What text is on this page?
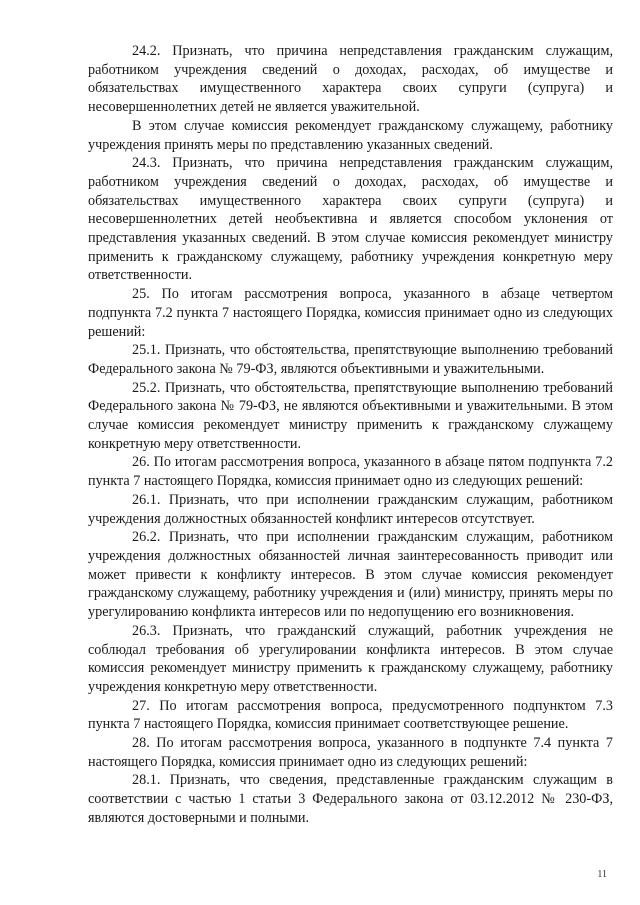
24.2. Признать, что причина непредставления гражданским служащим, работником учреждения сведений о доходах, расходах, об имуществе и обязательствах имущественного характера своих супруги (супруга) и несовершеннолетних детей не является уважительной.

В этом случае комиссия рекомендует гражданскому служащему, работнику учреждения принять меры по представлению указанных сведений.

24.3. Признать, что причина непредставления гражданским служащим, работником учреждения сведений о доходах, расходах, об имуществе и обязательствах имущественного характера своих супруги (супруга) и несовершеннолетних детей необъективна и является способом уклонения от представления указанных сведений. В этом случае комиссия рекомендует министру применить к гражданскому служащему, работнику учреждения конкретную меру ответственности.

25. По итогам рассмотрения вопроса, указанного в абзаце четвертом подпункта 7.2 пункта 7 настоящего Порядка, комиссия принимает одно из следующих решений:

25.1. Признать, что обстоятельства, препятствующие выполнению требований Федерального закона № 79-ФЗ, являются объективными и уважительными.

25.2. Признать, что обстоятельства, препятствующие выполнению требований Федерального закона № 79-ФЗ, не являются объективными и уважительными. В этом случае комиссия рекомендует министру применить к гражданскому служащему конкретную меру ответственности.

26. По итогам рассмотрения вопроса, указанного в абзаце пятом подпункта 7.2 пункта 7 настоящего Порядка, комиссия принимает одно из следующих решений:

26.1. Признать, что при исполнении гражданским служащим, работником учреждения должностных обязанностей конфликт интересов отсутствует.

26.2. Признать, что при исполнении гражданским служащим, работником учреждения должностных обязанностей личная заинтересованность приводит или может привести к конфликту интересов. В этом случае комиссия рекомендует гражданскому служащему, работнику учреждения и (или) министру, принять меры по урегулированию конфликта интересов или по недопущению его возникновения.

26.3. Признать, что гражданский служащий, работник учреждения не соблюдал требования об урегулировании конфликта интересов. В этом случае комиссия рекомендует министру применить к гражданскому служащему, работнику учреждения конкретную меру ответственности.

27. По итогам рассмотрения вопроса, предусмотренного подпунктом 7.3 пункта 7 настоящего Порядка, комиссия принимает соответствующее решение.

28. По итогам рассмотрения вопроса, указанного в подпункте 7.4 пункта 7 настоящего Порядка, комиссия принимает одно из следующих решений:

28.1. Признать, что сведения, представленные гражданским служащим в соответствии с частью 1 статьи 3 Федерального закона от 03.12.2012 № 230-ФЗ, являются достоверными и полными.

11
